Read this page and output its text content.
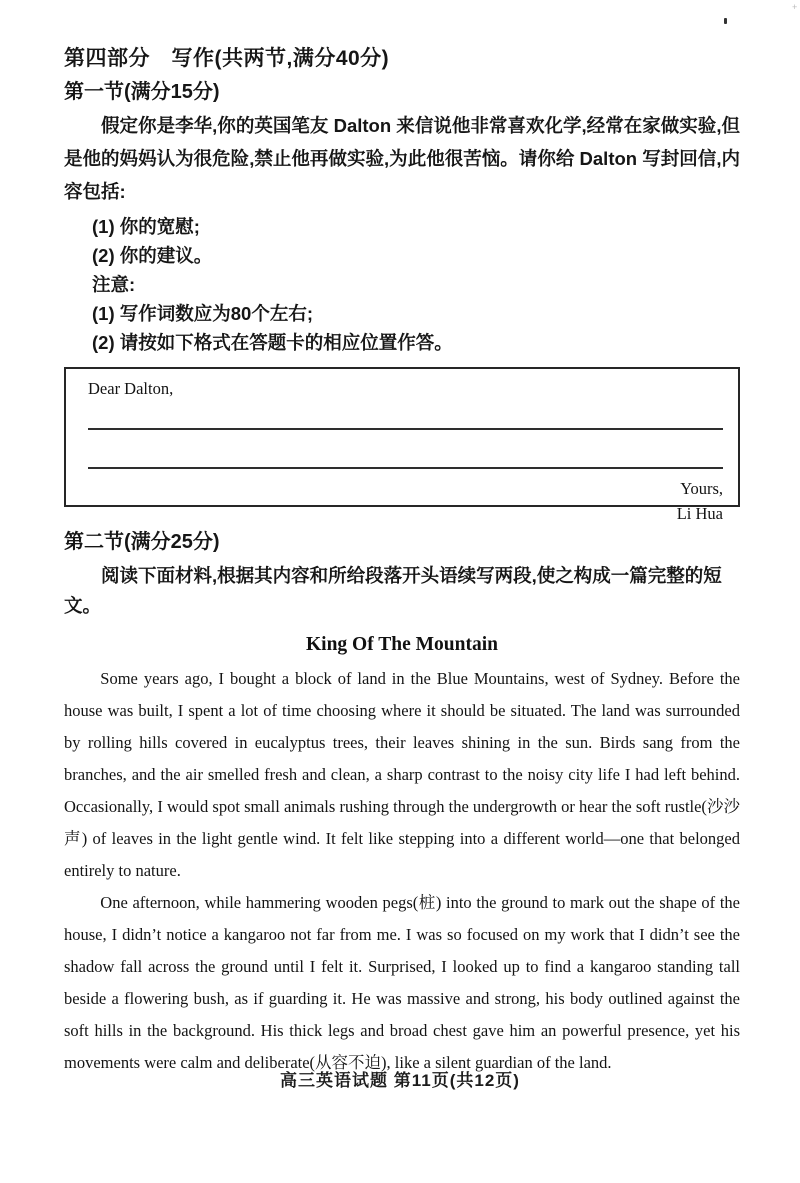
+
第四部分　写作(共两节,满分40分)
第一节(满分15分)

假定你是李华,你的英国笔友 Dalton 来信说他非常喜欢化学,经常在家做实验,但是他的妈妈认为很危险,禁止他再做实验,为此他很苦恼。请你给 Dalton 写封回信,内容包括:

(1) 你的宽慰;

(2) 你的建议。

注意:

(1) 写作词数应为80个左右;

(2) 请按如下格式在答题卡的相应位置作答。

Dear Dalton,

Yours,

Li Hua

第二节(满分25分)

阅读下面材料,根据其内容和所给段落开头语续写两段,使之构成一篇完整的短文。

King Of The Mountain

Some years ago, I bought a block of land in the Blue Mountains, west of Sydney. Before the house was built, I spent a lot of time choosing where it should be situated. The land was surrounded by rolling hills covered in eucalyptus trees, their leaves shining in the sun. Birds sang from the branches, and the air smelled fresh and clean, a sharp contrast to the noisy city life I had left behind. Occasionally, I would spot small animals rushing through the undergrowth or hear the soft rustle(沙沙声) of leaves in the light gentle wind. It felt like stepping into a different world—one that belonged entirely to nature.

One afternoon, while hammering wooden pegs(桩) into the ground to mark out the shape of the house, I didn’t notice a kangaroo not far from me. I was so focused on my work that I didn’t see the shadow fall across the ground until I felt it. Surprised, I looked up to find a kangaroo standing tall beside a flowering bush, as if guarding it. He was massive and strong, his body outlined against the soft hills in the background. His thick legs and broad chest gave him an powerful presence, yet his movements were calm and deliberate(从容不迫), like a silent guardian of the land.

高三英语试题 第11页(共12页)
